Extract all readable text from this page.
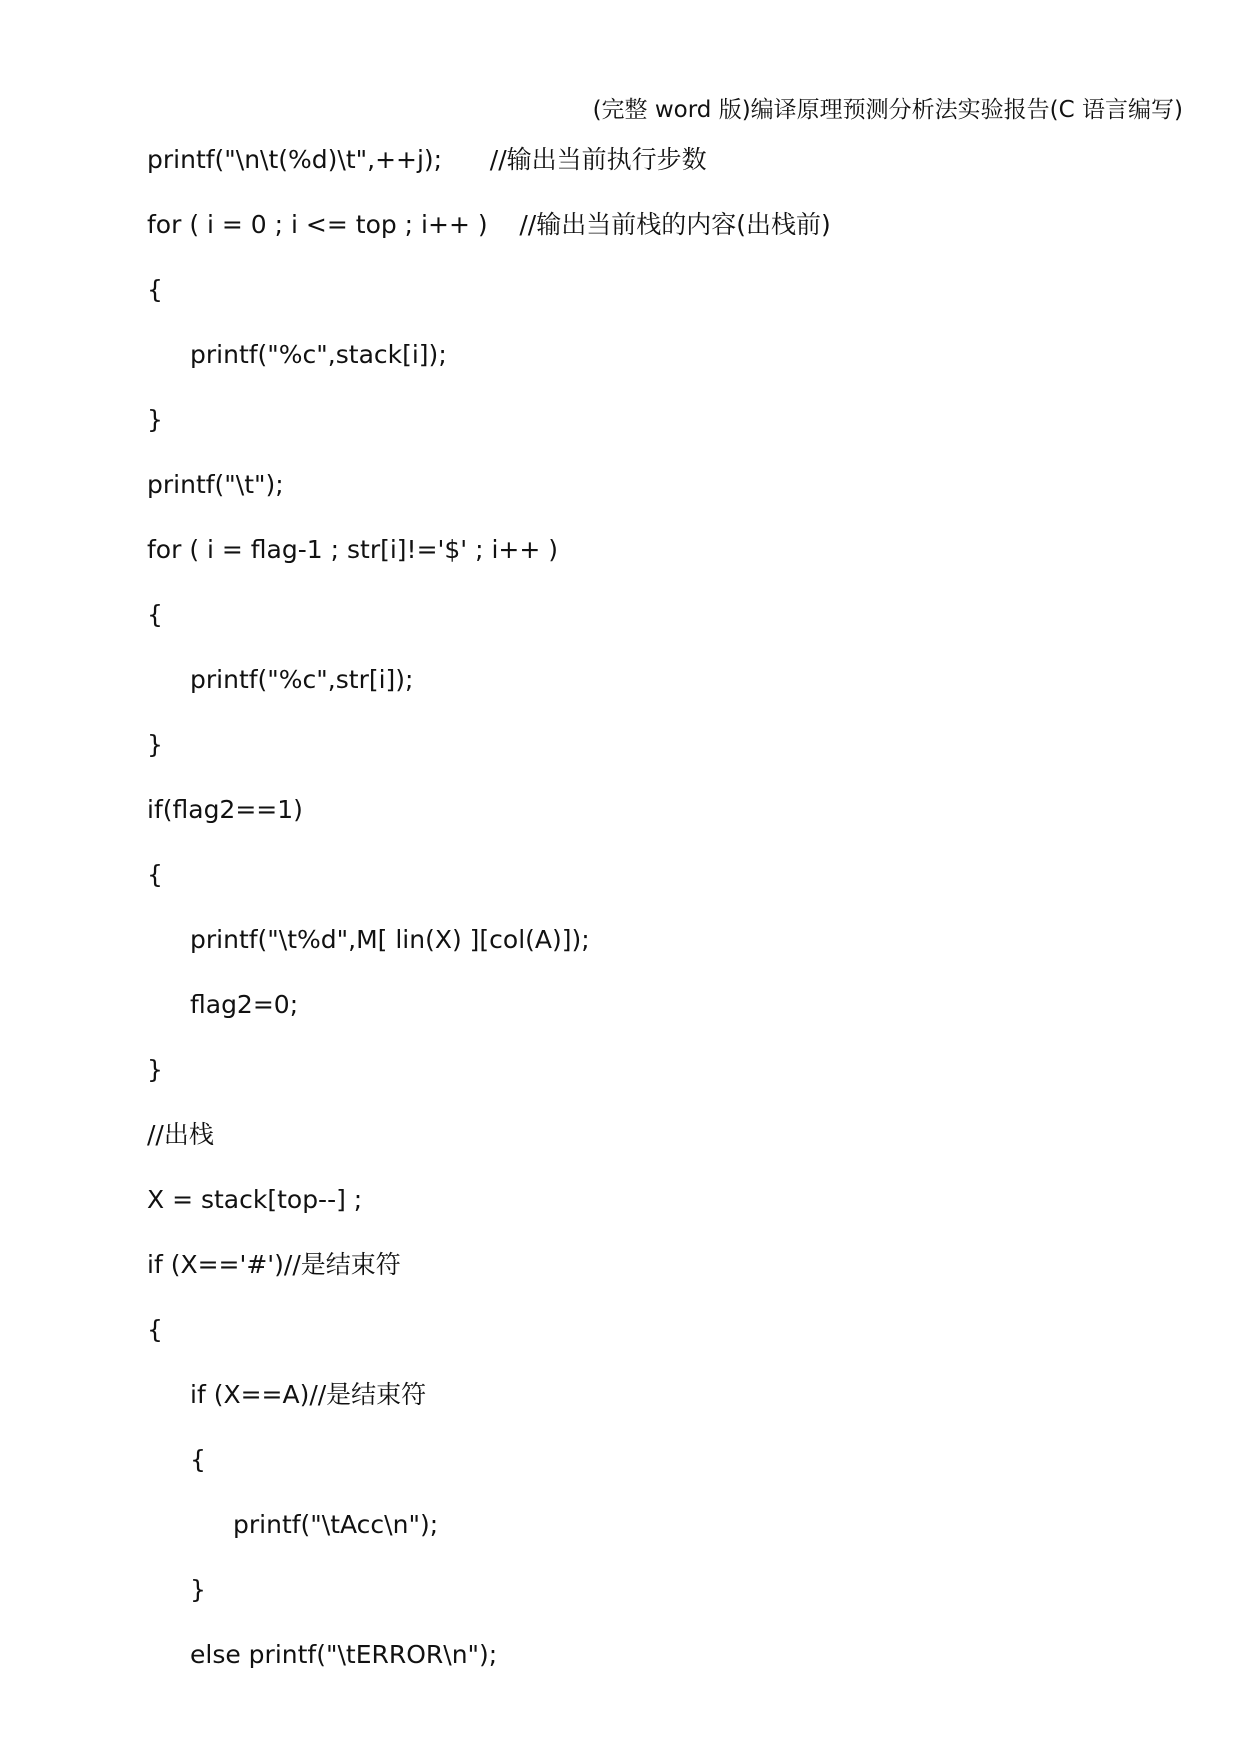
(完整 word 版)编译原理预测分析法实验报告(C 语言编写)
printf("\n\t(%d)\t",++j);      //输出当前执行步数
for ( i = 0 ; i <= top ; i++ )    //输出当前栈的内容(出栈前)
{
printf("%c",stack[i]);
}
printf("\t");
for ( i = flag-1 ; str[i]!='$' ; i++ )
{
printf("%c",str[i]);
}
if(flag2==1)
{
printf("\t%d",M[ lin(X) ][col(A)]);
flag2=0;
}
//出栈
X = stack[top--] ;
if (X=='#')//是结束符
{
if (X==A)//是结束符
{
printf("\tAcc\n");
}
else printf("\tERROR\n");
